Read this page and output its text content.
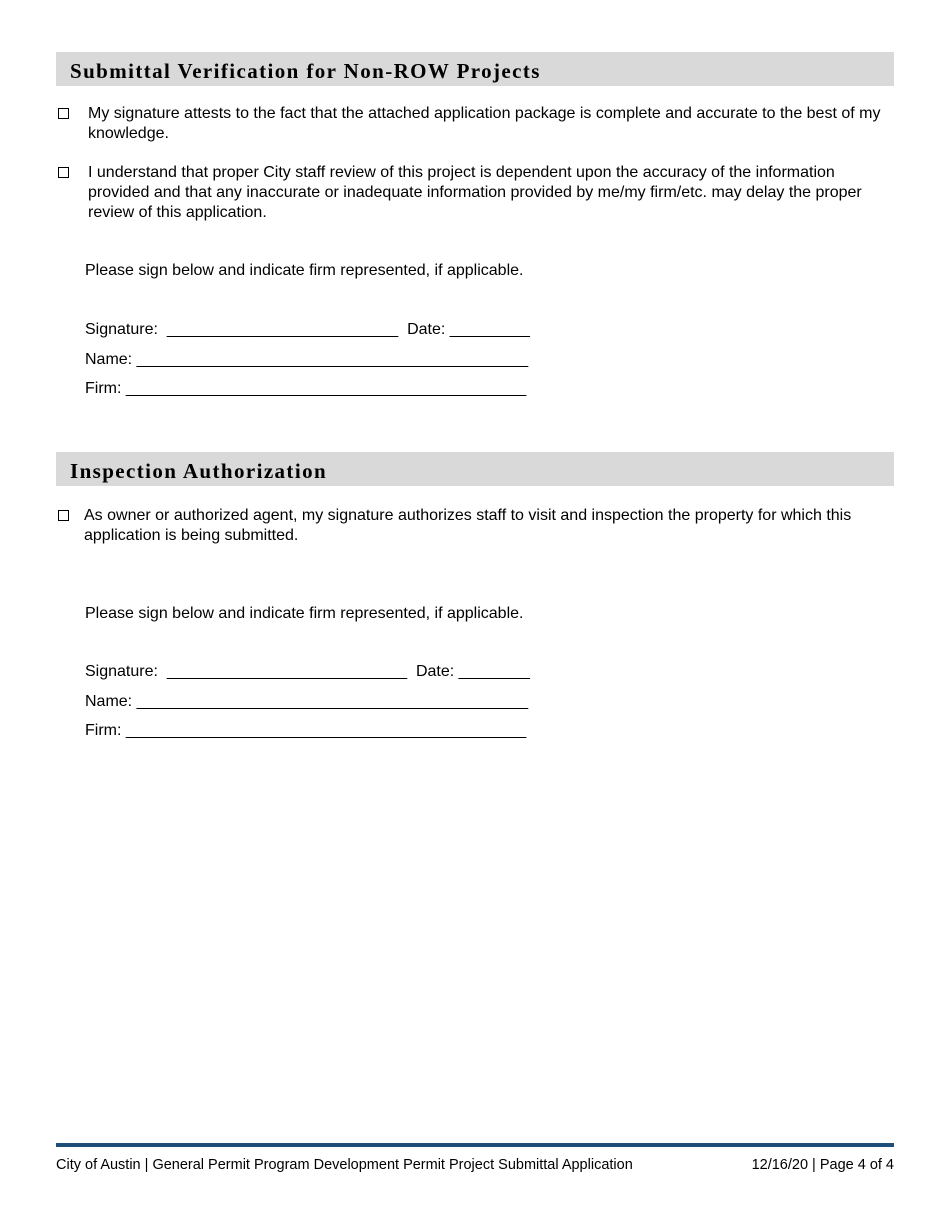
Submittal Verification for Non-ROW Projects
My signature attests to the fact that the attached application package is complete and accurate to the best of my knowledge.
I understand that proper City staff review of this project is dependent upon the accuracy of the information provided and that any inaccurate or inadequate information provided by me/my firm/etc. may delay the proper review of this application.
Please sign below and indicate firm represented, if applicable.
Signature:  __________________________  Date: _________
Name: ____________________________________________
Firm: _____________________________________________
Inspection Authorization
As owner or authorized agent, my signature authorizes staff to visit and inspection the property for which this application is being submitted.
Please sign below and indicate firm represented, if applicable.
Signature:  ___________________________  Date: ________
Name: ____________________________________________
Firm: _____________________________________________
City of Austin | General Permit Program Development Permit Project Submittal Application	12/16/20 | Page 4 of 4
